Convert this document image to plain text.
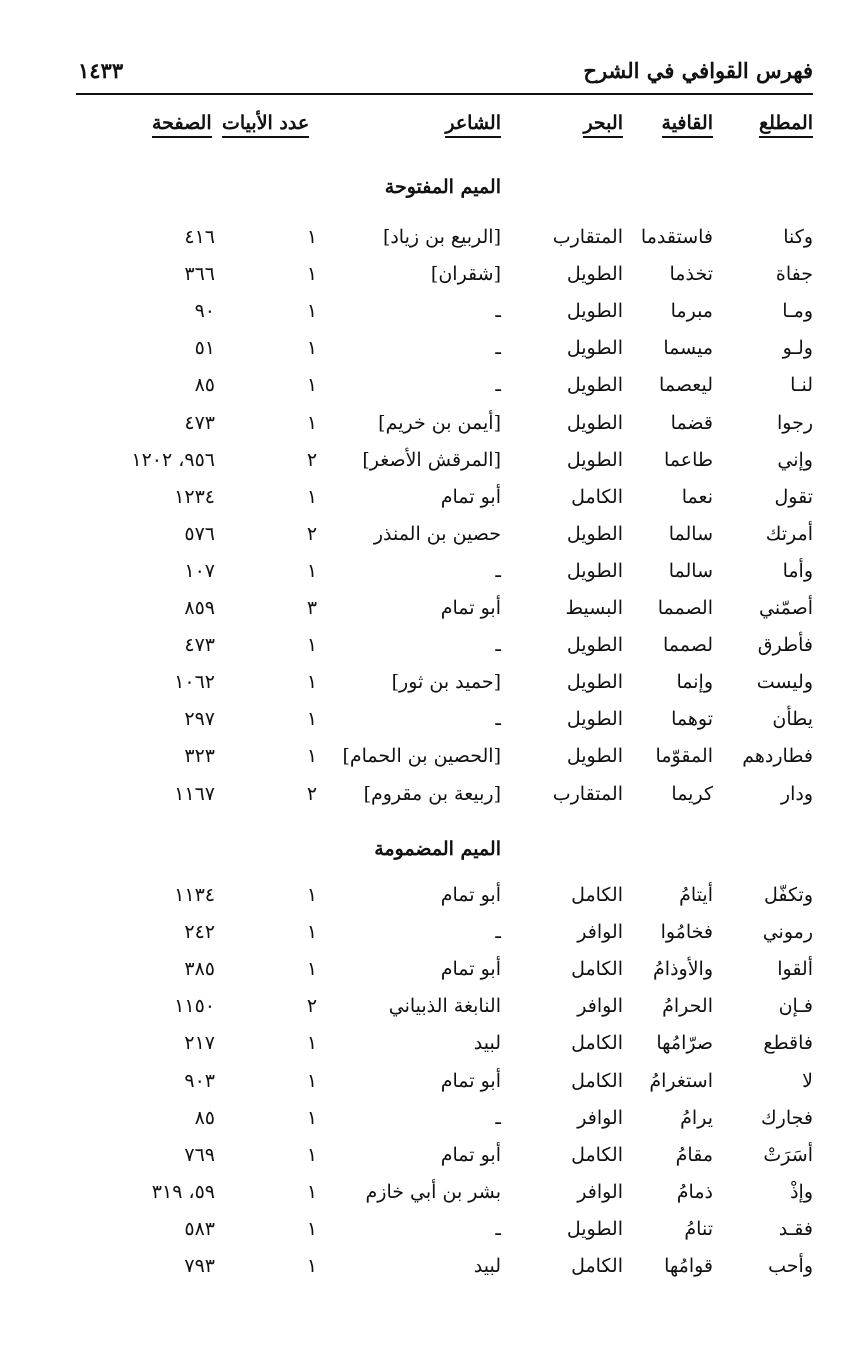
فهرس القوافي في الشرح
١٤٣٣
المطلع
القافية
البحر
الشاعر
عدد الأبيات
الصفحة
الميم المفتوحة
وكنا
فاستقدما
المتقارب
[الربيع بن زياد]
١
٤١٦
جفاة
تخذما
الطويل
[شقران]
١
٣٦٦
ومـا
مبرما
الطويل
ـ
١
٩٠
ولـو
ميسما
الطويل
ـ
١
٥١
لنـا
ليعصما
الطويل
ـ
١
٨٥
رجوا
قضما
الطويل
[أيمن بن خريم]
١
٤٧٣
وإني
طاعما
الطويل
[المرقش الأصغر]
٢
٩٥٦، ١٢٠٢
تقول
نعما
الكامل
أبو تمام
١
١٢٣٤
أمرتك
سالما
الطويل
حصين بن المنذر
٢
٥٧٦
وأما
سالما
الطويل
ـ
١
١٠٧
أصمّني
الصمما
البسيط
أبو تمام
٣
٨٥٩
فأطرق
لصمما
الطويل
ـ
١
٤٧٣
وليست
وإنما
الطويل
[حميد بن ثور]
١
١٠٦٢
يطأن
توهما
الطويل
ـ
١
٢٩٧
فطاردهم
المقوّما
الطويل
[الحصين بن الحمام]
١
٣٢٣
ودار
كريما
المتقارب
[ربيعة بن مقروم]
٢
١١٦٧
الميم المضمومة
وتكفّل
أيتامُ
الكامل
أبو تمام
١
١١٣٤
رموني
فخامُوا
الوافر
ـ
١
٢٤٢
ألقوا
والأوذامُ
الكامل
أبو تمام
١
٣٨٥
فـإن
الحرامُ
الوافر
النابغة الذبياني
٢
١١٥٠
فاقطع
صرّامُها
الكامل
لبيد
١
٢١٧
لا
استغرامُ
الكامل
أبو تمام
١
٩٠٣
فجارك
يرامُ
الوافر
ـ
١
٨٥
أسَرَتْ
مقامُ
الكامل
أبو تمام
١
٧٦٩
وإذْ
ذمامُ
الوافر
بشر بن أبي خازم
١
٥٩، ٣١٩
فقـد
تنامُ
الطويل
ـ
١
٥٨٣
وأحب
قوامُها
الكامل
لبيد
١
٧٩٣
